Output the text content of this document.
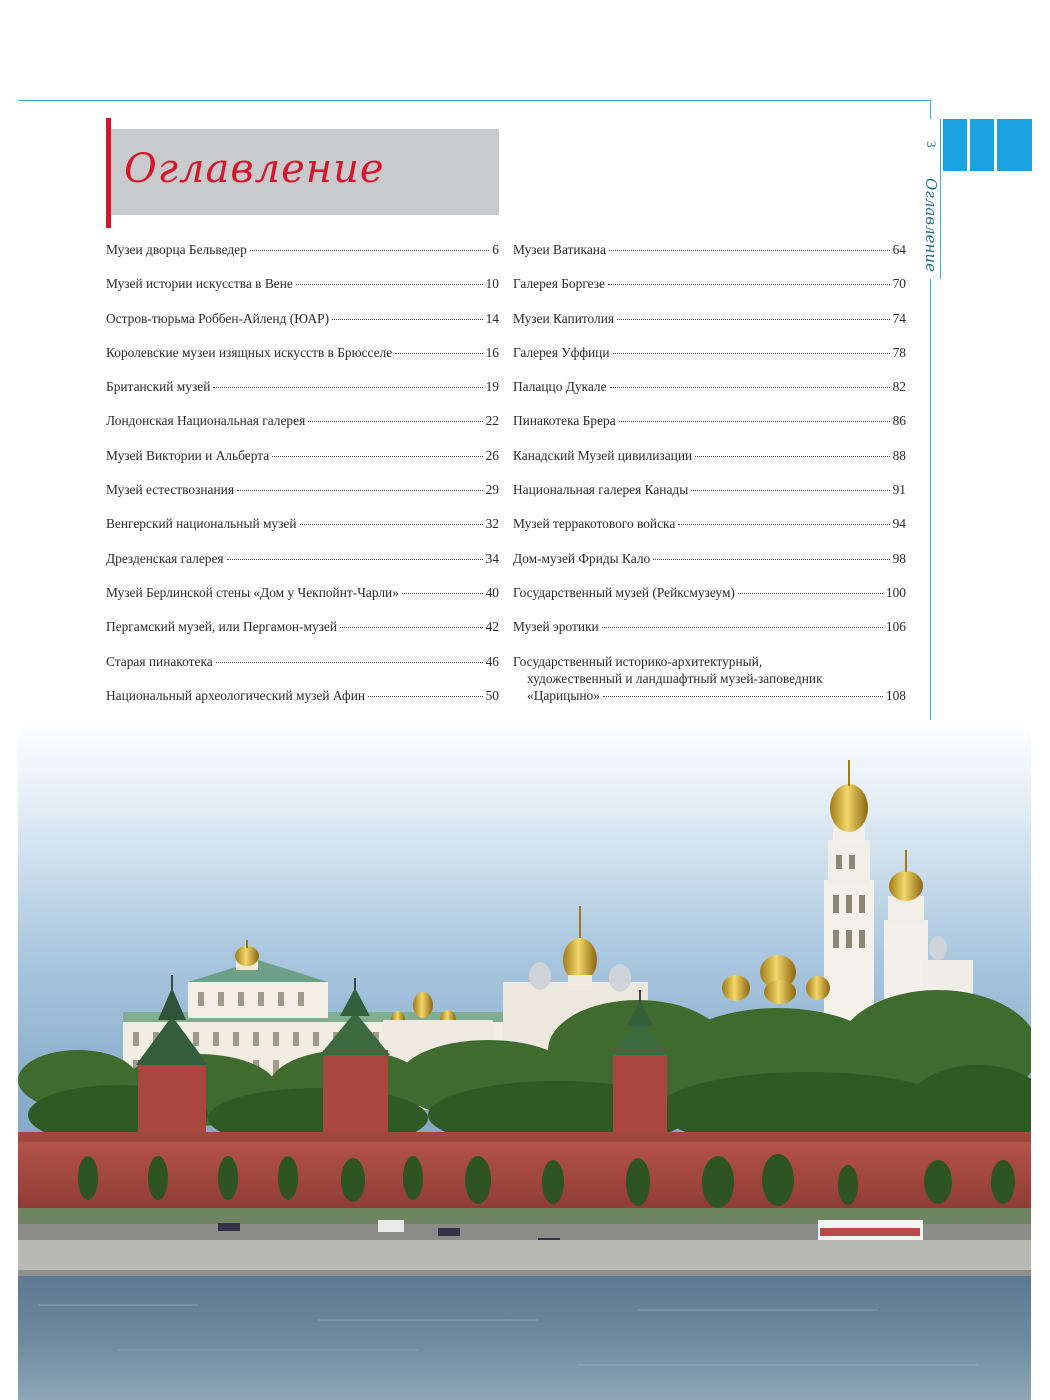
3
Оглавление
Оглавление
Музеи дворца Бельведер	6
Музей истории искусства в Вене	10
Остров-тюрьма Роббен-Айленд (ЮАР)	14
Королевские музеи изящных искусств в Брюсселе	16
Британский музей	19
Лондонская Национальная галерея	22
Музей Виктории и Альберта	26
Музей естествознания	29
Венгерский национальный музей	32
Дрезденская галерея	34
Музей Берлинской стены «Дом у Чекпойнт-Чарли»	40
Пергамский музей, или Пергамон-музей	42
Старая пинакотека	46
Национальный археологический музей Афин	50
Музеи Ватикана	64
Галерея Боргезе	70
Музеи Капитолия	74
Галерея Уффици	78
Палаццо Дукале	82
Пинакотека Брера	86
Канадский Музей цивилизации	88
Национальная галерея Канады	91
Музей терракотового войска	94
Дом-музей Фриды Кало	98
Государственный музей (Рейксмузеум)	100
Музей эротики	106
Государственный историко-архитектурный,
художественный и ландшафтный музей-заповедник
«Царицыно»	108
